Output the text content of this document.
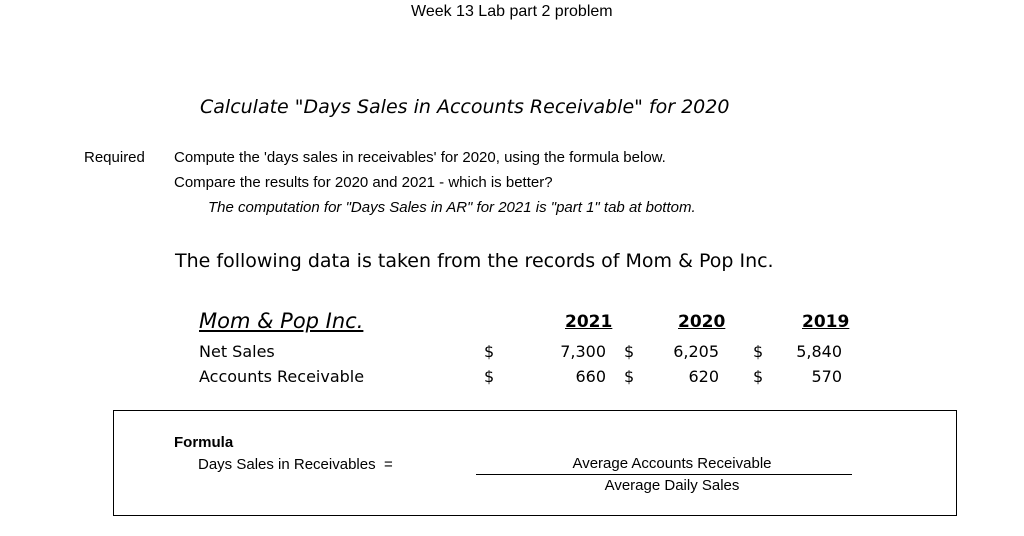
Week 13 Lab part 2 problem
Calculate "Days Sales in Accounts Receivable" for 2020
Required Compute the 'days sales in receivables' for 2020, using the formula below.
Compare the results for 2020 and 2021 - which is better?
The computation for "Days Sales in AR" for 2021 is "part 1" tab at bottom.
The following data is taken from the records of Mom & Pop Inc.
Mom & Pop Inc.	2021	2020	2019
Net Sales	$	7,300 $	6,205 $	5,840
Accounts Receivable	$	660 $	620 $	570
Formula
Days Sales in Receivables =	Average Accounts Receivable
Average Daily Sales
